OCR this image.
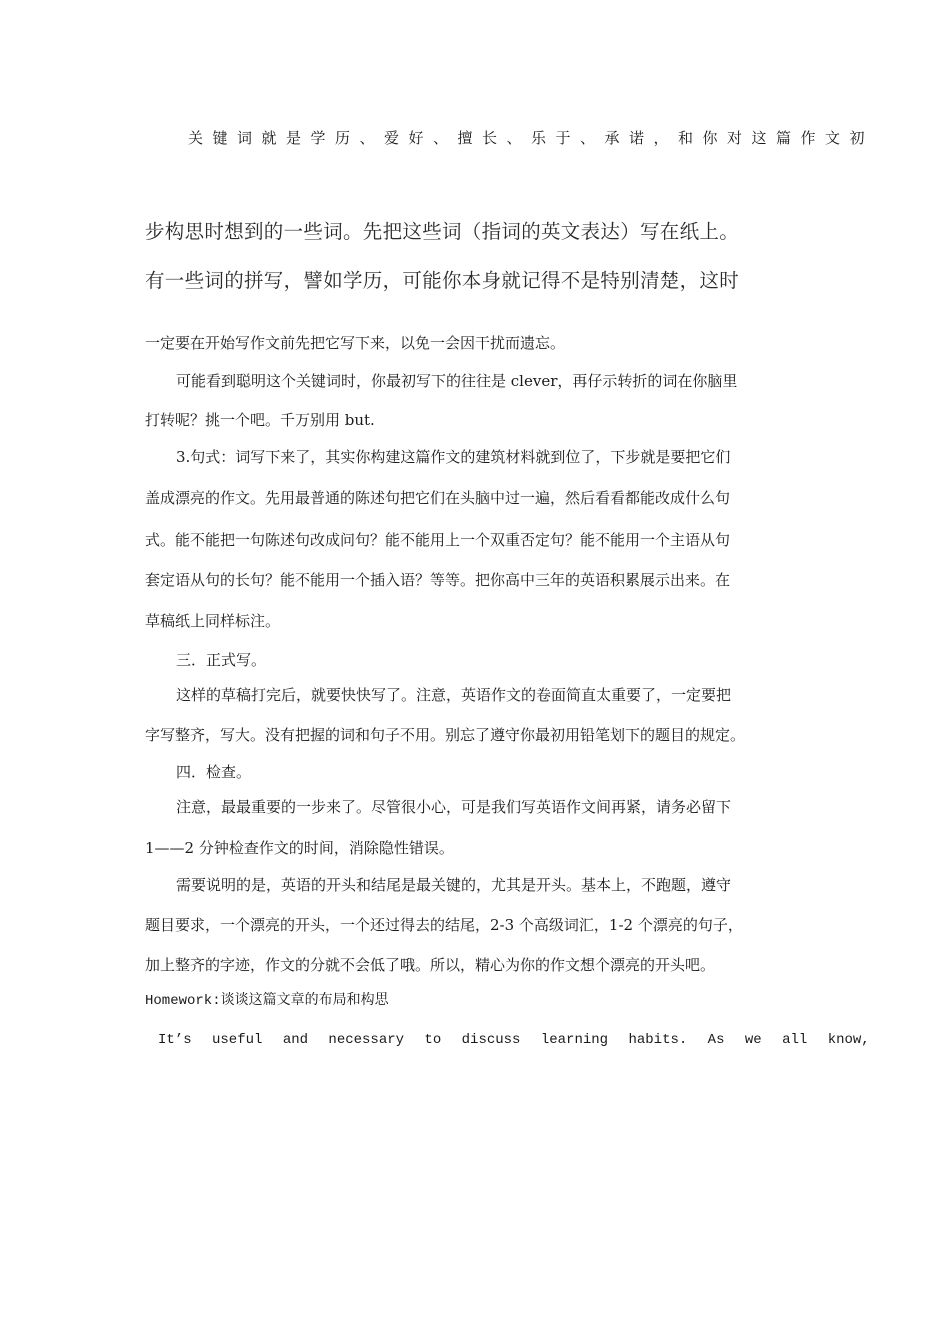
关键词就是学历、爱好、擅长、乐于、承诺，和你对这篇作文初
步构思时想到的一些词。先把这些词（指词的英文表达）写在纸上。
有一些词的拼写，譬如学历，可能你本身就记得不是特别清楚，这时
一定要在开始写作文前先把它写下来，以免一会因干扰而遗忘。
可能看到聪明这个关键词时，你最初写下的往往是 clever，再仔示转折的词在你脑里
打转呢？挑一个吧。千万别用 but.
3.句式：词写下来了，其实你构建这篇作文的建筑材料就到位了，下步就是要把它们
盖成漂亮的作文。先用最普通的陈述句把它们在头脑中过一遍，然后看看都能改成什么句
式。能不能把一句陈述句改成问句？能不能用上一个双重否定句？能不能用一个主语从句
套定语从句的长句？能不能用一个插入语？等等。把你高中三年的英语积累展示出来。在
草稿纸上同样标注。
三．正式写。
这样的草稿打完后，就要快快写了。注意，英语作文的卷面简直太重要了，一定要把
字写整齐，写大。没有把握的词和句子不用。别忘了遵守你最初用铅笔划下的题目的规定。
四．检查。
注意，最最重要的一步来了。尽管很小心，可是我们写英语作文间再紧，请务必留下
1——2 分钟检查作文的时间，消除隐性错误。
需要说明的是，英语的开头和结尾是最关键的，尤其是开头。基本上，不跑题，遵守
题目要求，一个漂亮的开头，一个还过得去的结尾，2-3 个高级词汇，1-2 个漂亮的句子，
加上整齐的字迹，作文的分就不会低了哦。所以，精心为你的作文想个漂亮的开头吧。
Homework:谈谈这篇文章的布局和构思
It’s useful and necessary to discuss learning habits. As we all know,
